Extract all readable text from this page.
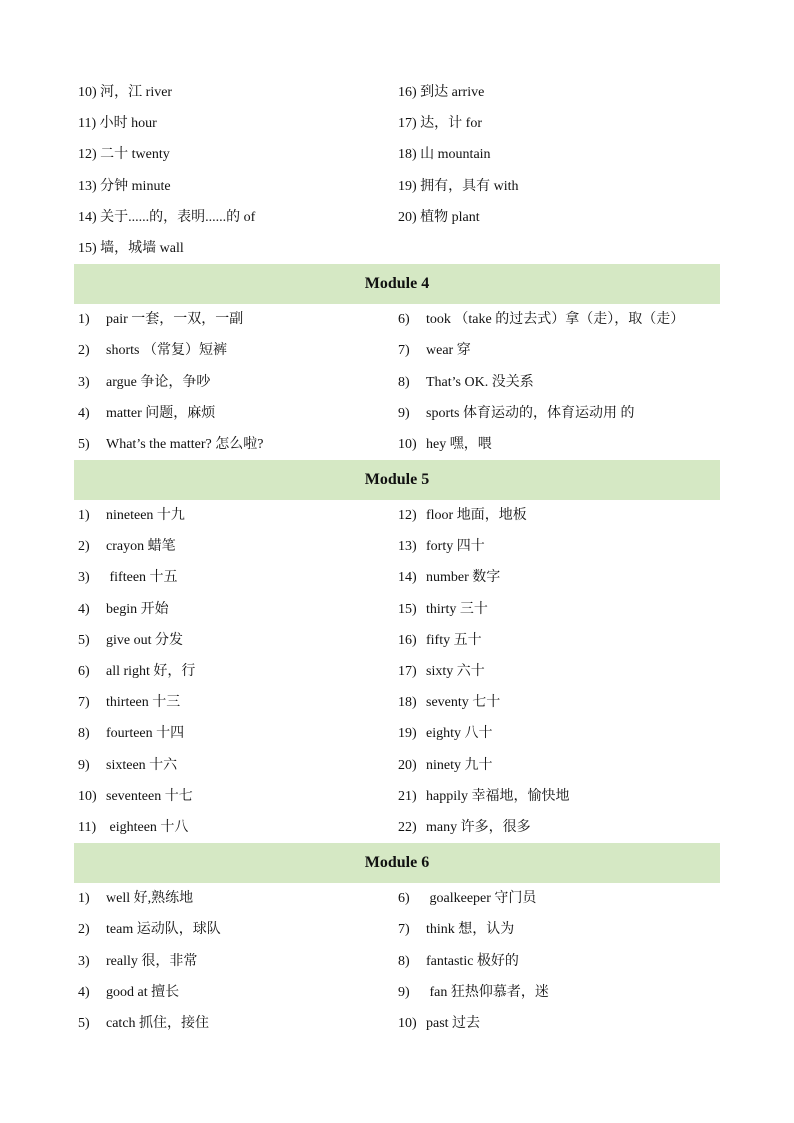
10) 河，江 river	16) 到达 arrive
11) 小时 hour	17) 达，计 for
12) 二十 twenty	18) 山 mountain
13) 分钟 minute	19) 拥有，具有 with
14) 关于......的，表明......的 of	20) 植物 plant
15) 墙，城墙 wall
Module 4
1) pair 一套，一双，一副	6) took （take 的过去式）拿（走），取（走）
2) shorts （常复）短裤	7) wear 穿
3) argue 争论，争吵	8) That’s OK. 没关系
4) matter 问题，麻烦	9) sports 体育运动的，体育运动用 的
5) What’s the matter? 怎么啦?	10) hey 嘿，喂
Module 5
1) nineteen 十九	12) floor 地面，地板
2) crayon 蜡笔	13) forty 四十
3) fifteen 十五	14) number 数字
4) begin 开始	15) thirty 三十
5) give out 分发	16) fifty 五十
6) all right 好，行	17) sixty 六十
7) thirteen 十三	18) seventy 七十
8) fourteen 十四	19) eighty 八十
9) sixteen 十六	20) ninety 九十
10) seventeen 十七	21) happily 幸福地，愉快地
11) eighteen 十八	22) many 许多，很多
Module 6
1) well 好,熟练地	6) goalkeeper 守门员
2) team 运动队，球队	7) think 想，认为
3) really 很，非常	8) fantastic 极好的
4) good at 擅长	9) fan 狂热仰慕者，迷
5) catch 抓住，接住	10) past 过去
